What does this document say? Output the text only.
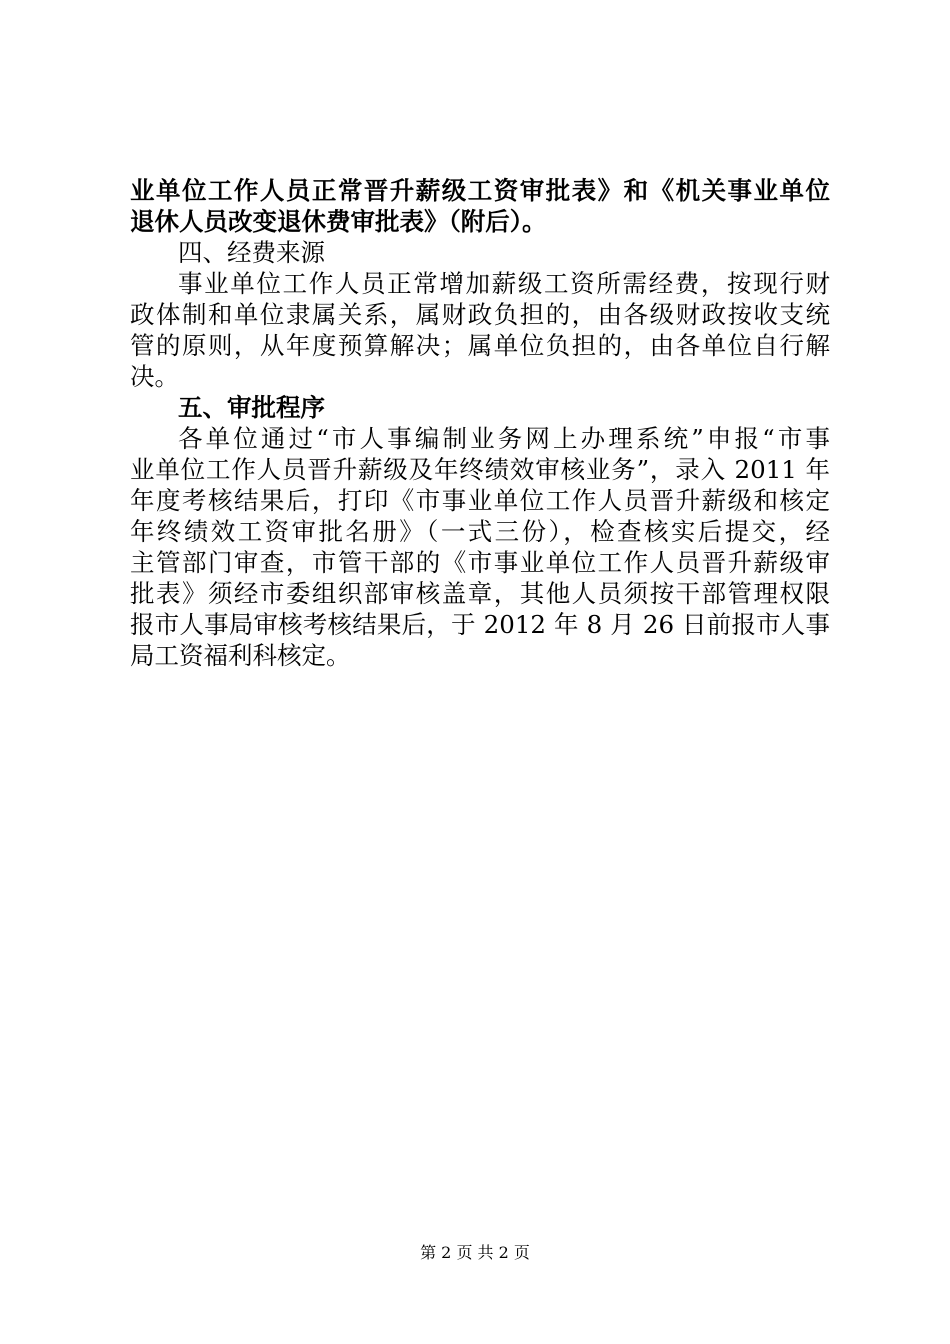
业单位工作人员正常晋升薪级工资审批表》和《机关事业单位
退休人员改变退休费审批表》（附后）。
四、经费来源
事业单位工作人员正常增加薪级工资所需经费，按现行财
政体制和单位隶属关系，属财政负担的，由各级财政按收支统
管的原则，从年度预算解决；属单位负担的，由各单位自行解
决。
五、审批程序
各单位通过“市人事编制业务网上办理系统”申报“市事
业单位工作人员晋升薪级及年终绩效审核业务”，录入 2011 年
年度考核结果后，打印《市事业单位工作人员晋升薪级和核定
年终绩效工资审批名册》（一式三份），检查核实后提交，经
主管部门审查，市管干部的《市事业单位工作人员晋升薪级审
批表》须经市委组织部审核盖章，其他人员须按干部管理权限
报市人事局审核考核结果后，于 2012 年 8 月 26 日前报市人事
局工资福利科核定。
第 2 页 共 2 页
